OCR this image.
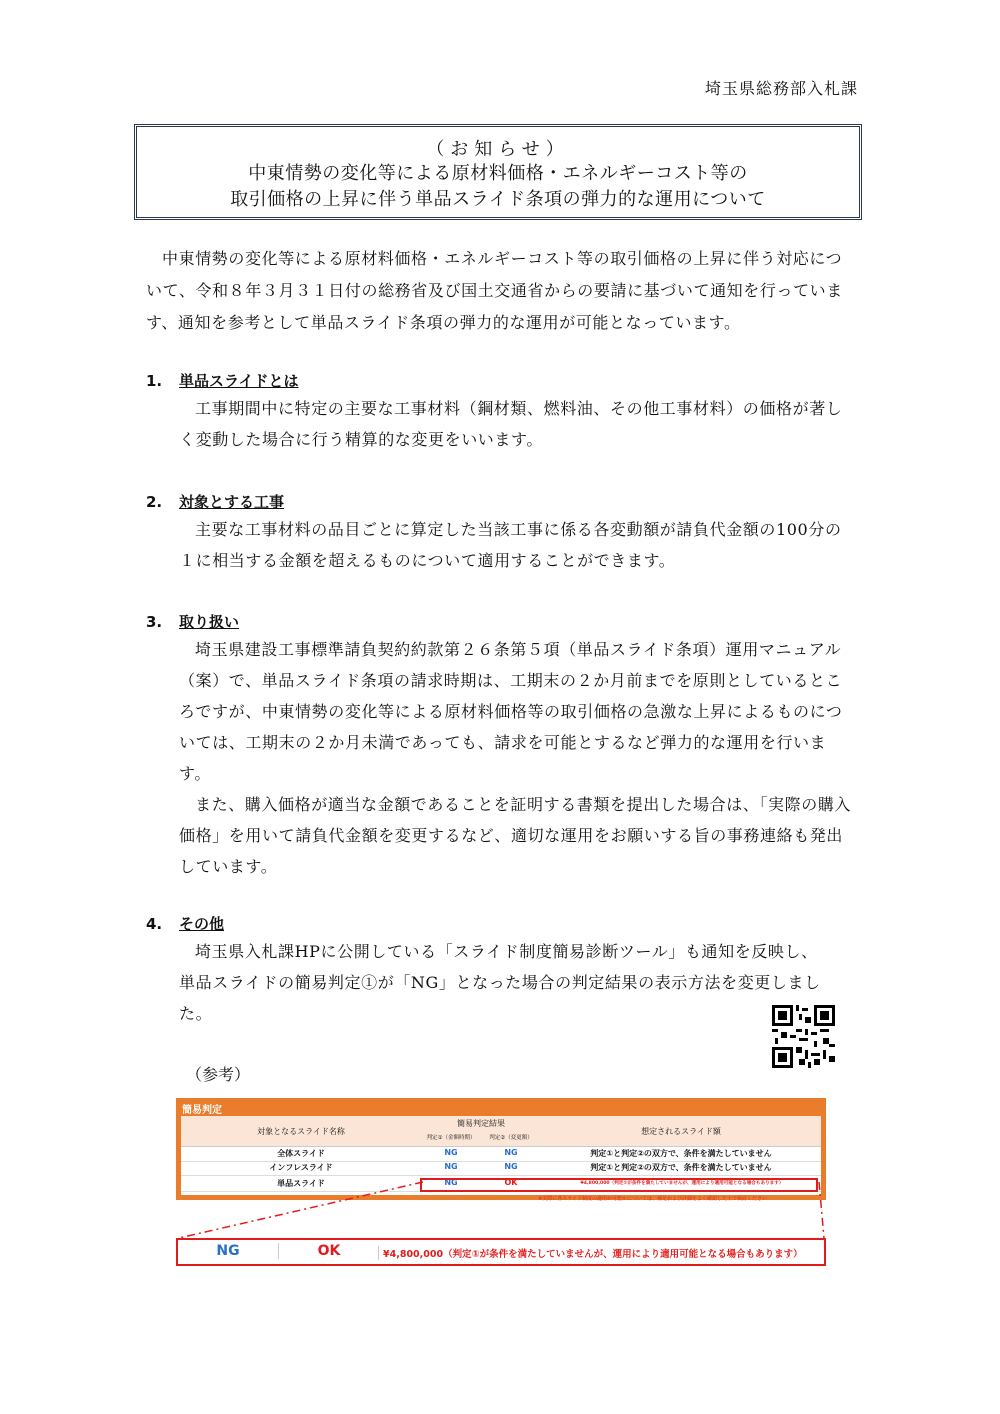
埼玉県総務部入札課
（お知らせ）
中東情勢の変化等による原材料価格・エネルギーコスト等の
取引価格の上昇に伴う単品スライド条項の弾力的な運用について
中東情勢の変化等による原材料価格・エネルギーコスト等の取引価格の上昇に伴う対応について、令和８年３月３１日付の総務省及び国土交通省からの要請に基づいて通知を行っています、通知を参考として単品スライド条項の弾力的な運用が可能となっています。
1. 単品スライドとは
工事期間中に特定の主要な工事材料（鋼材類、燃料油、その他工事材料）の価格が著しく変動した場合に行う精算的な変更をいいます。
2. 対象とする工事
主要な工事材料の品目ごとに算定した当該工事に係る各変動額が請負代金額の100分の１に相当する金額を超えるものについて適用することができます。
3. 取り扱い
埼玉県建設工事標準請負契約約款第２６条第５項（単品スライド条項）運用マニュアル（案）で、単品スライド条項の請求時期は、工期末の２か月前までを原則としているところですが、中東情勢の変化等による原材料価格等の取引価格の急激な上昇によるものについては、工期末の２か月未満であっても、請求を可能とするなど弾力的な運用を行います。
また、購入価格が適当な金額であることを証明する書類を提出した場合は、「実際の購入価格」を用いて請負代金額を変更するなど、適切な運用をお願いする旨の事務連絡も発出しています。
4. その他
埼玉県入札課HPに公開している「スライド制度簡易診断ツール」も通知を反映し、単品スライドの簡易判定①が「NG」となった場合の判定結果の表示方法を変更しました。
（参考）
簡易判定
対象となるスライド名称
簡易判定結果
判定①（金額時期）	判定②（変更額）
想定されるスライド額
全体スライド	NG	NG	判定①と判定②の双方で、条件を満たしていません
インフレスライド	NG	NG	判定①と判定②の双方で、条件を満たしていません
単品スライド	NG	OK	¥4,800,000（判定①が条件を満たしていませんが、運用により適用可能となる場合もあります）
※実際に各スライド制度の適用が可能かについては、補足および詳細をよく確認した上で検討ください
NG	OK	¥4,800,000（判定①が条件を満たしていませんが、運用により適用可能となる場合もあります）
